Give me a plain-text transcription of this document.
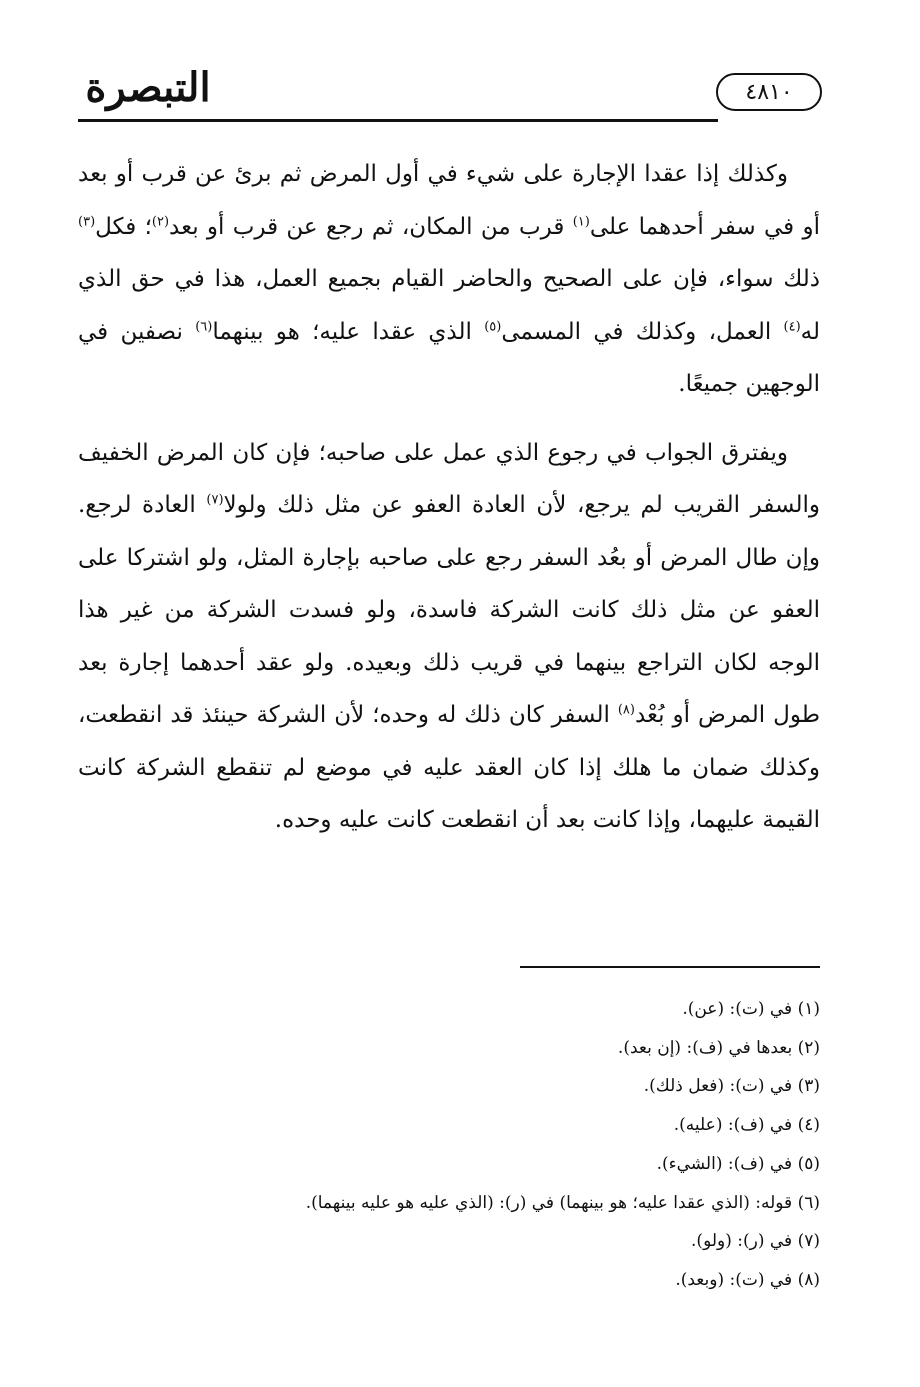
التبصرة	٤٨١٠

وكذلك إذا عقدا الإجارة على شيء في أول المرض ثم برئ عن قرب أو بعد أو في سفر أحدهما على$^{(١)}$ قرب من المكان، ثم رجع عن قرب أو بعد$^{(٢)}$؛ فكل$^{(٣)}$ ذلك سواء، فإن على الصحيح والحاضر القيام بجميع العمل، هذا في حق الذي له$^{(٤)}$ العمل، وكذلك في المسمى$^{(٥)}$ الذي عقدا عليه؛ هو بينهما$^{(٦)}$ نصفين في الوجهين جميعًا.

ويفترق الجواب في رجوع الذي عمل على صاحبه؛ فإن كان المرض الخفيف والسفر القريب لم يرجع، لأن العادة العفو عن مثل ذلك ولولا$^{(٧)}$ العادة لرجع. وإن طال المرض أو بعُد السفر رجع على صاحبه بإجارة المثل، ولو اشتركا على العفو عن مثل ذلك كانت الشركة فاسدة، ولو فسدت الشركة من غير هذا الوجه لكان التراجع بينهما في قريب ذلك وبعيده. ولو عقد أحدهما إجارة بعد طول المرض أو بُعْد$^{(٨)}$ السفر كان ذلك له وحده؛ لأن الشركة حينئذ قد انقطعت، وكذلك ضمان ما هلك إذا كان العقد عليه في موضع لم تنقطع الشركة كانت القيمة عليهما، وإذا كانت بعد أن انقطعت كانت عليه وحده.

(١) في (ت): (عن).
(٢) بعدها في (ف): (إن بعد).
(٣) في (ت): (فعل ذلك).
(٤) في (ف): (عليه).
(٥) في (ف): (الشيء).
(٦) قوله: (الذي عقدا عليه؛ هو بينهما) في (ر): (الذي عليه هو عليه بينهما).
(٧) في (ر): (ولو).
(٨) في (ت): (وبعد).
